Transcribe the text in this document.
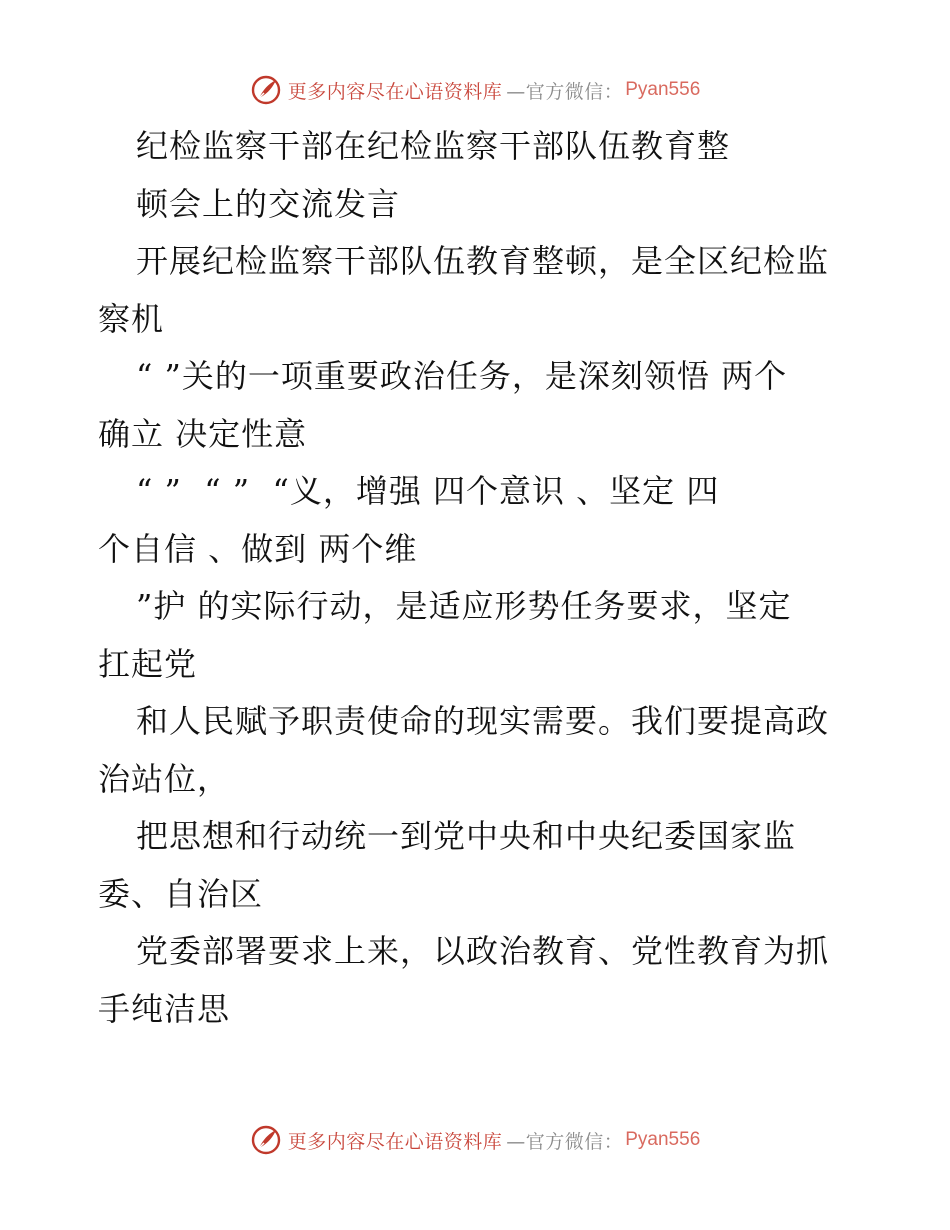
更多内容尽在心语资料库 —官方微信： Pyan556
纪检监察干部在纪检监察干部队伍教育整
顿会上的交流发言
开展纪检监察干部队伍教育整顿，是全区纪检监
察机
“ ”关的一项重要政治任务，是深刻领悟 两个
确立 决定性意
“ ”  “ ”  “义，增强 四个意识 、坚定 四
个自信 、做到 两个维
”护 的实际行动，是适应形势任务要求，坚定
扛起党
和人民赋予职责使命的现实需要。我们要提高政
治站位，
把思想和行动统一到党中央和中央纪委国家监
委、自治区
党委部署要求上来，以政治教育、党性教育为抓
手纯洁思
更多内容尽在心语资料库 —官方微信： Pyan556
